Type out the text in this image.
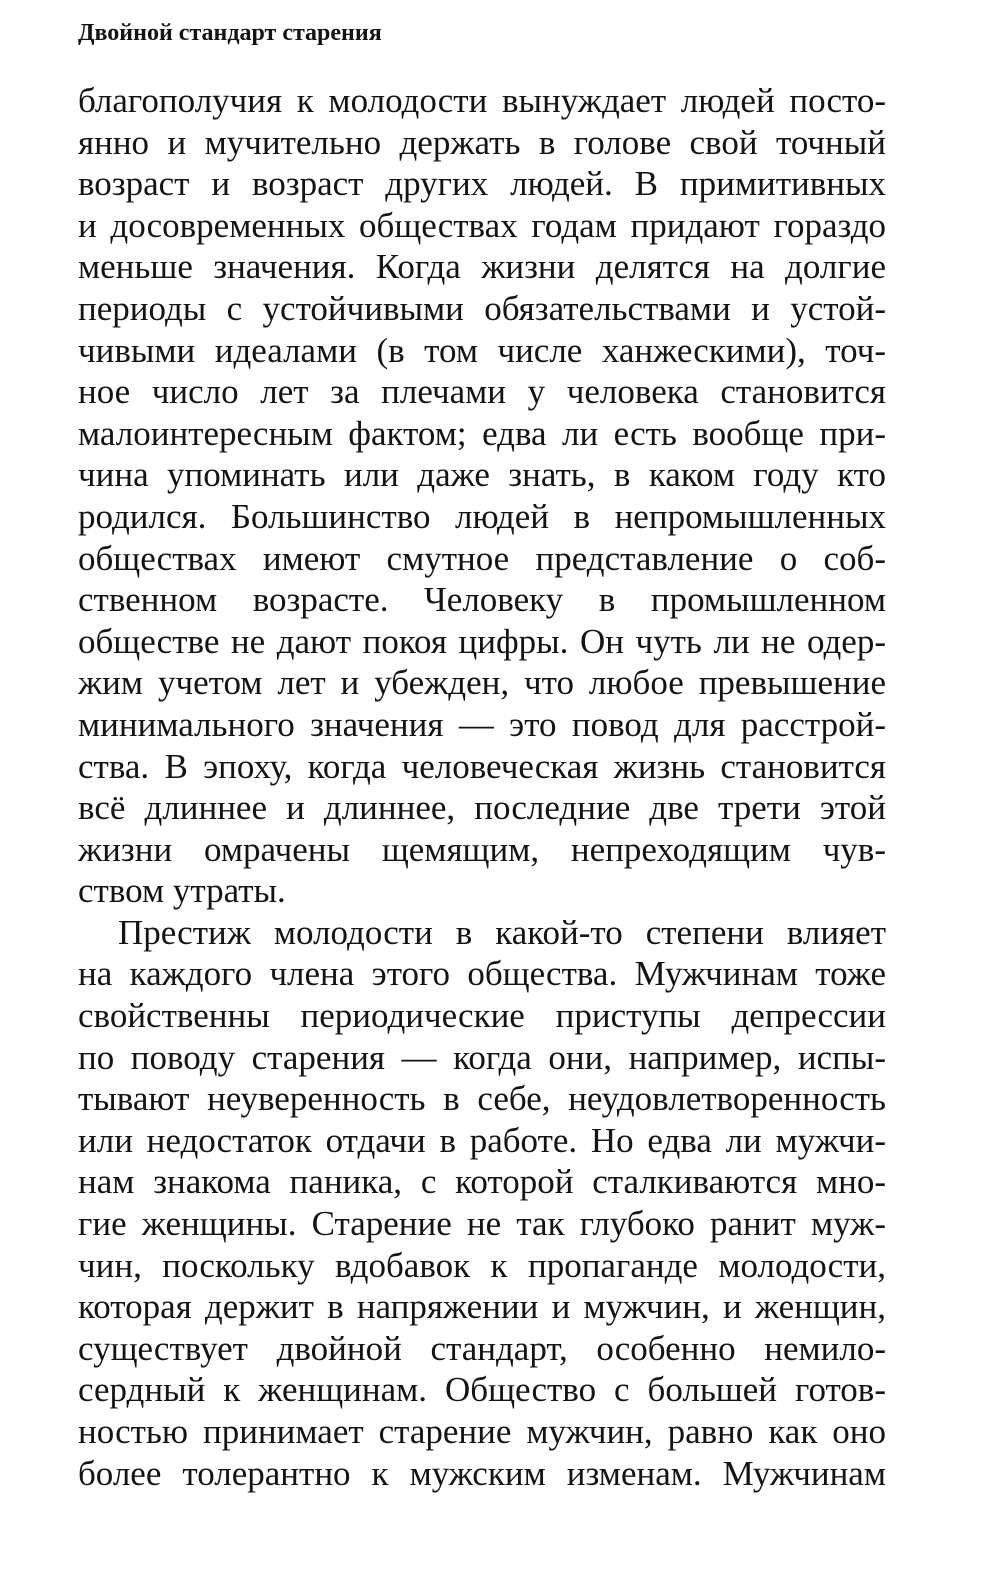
Двойной стандарт старения
благополучия к молодости вынуждает людей посто-
янно и мучительно держать в голове свой точный
возраст и возраст других людей. В примитивных
и досовременных обществах годам придают гораздо
меньше значения. Когда жизни делятся на долгие
периоды с устойчивыми обязательствами и устой-
чивыми идеалами (в том числе ханжескими), точ-
ное число лет за плечами у человека становится
малоинтересным фактом; едва ли есть вообще при-
чина упоминать или даже знать, в каком году кто
родился. Большинство людей в непромышленных
обществах имеют смутное представление о соб-
ственном возрасте. Человеку в промышленном
обществе не дают покоя цифры. Он чуть ли не одер-
жим учетом лет и убежден, что любое превышение
минимального значения — это повод для расстрой-
ства. В эпоху, когда человеческая жизнь становится
всё длиннее и длиннее, последние две трети этой
жизни омрачены щемящим, непреходящим чув-
ством утраты.
Престиж молодости в какой-то степени влияет
на каждого члена этого общества. Мужчинам тоже
свойственны периодические приступы депрессии
по поводу старения — когда они, например, испы-
тывают неуверенность в себе, неудовлетворенность
или недостаток отдачи в работе. Но едва ли мужчи-
нам знакома паника, с которой сталкиваются мно-
гие женщины. Старение не так глубоко ранит муж-
чин, поскольку вдобавок к пропаганде молодости,
которая держит в напряжении и мужчин, и женщин,
существует двойной стандарт, особенно немило-
сердный к женщинам. Общество с большей готов-
ностью принимает старение мужчин, равно как оно
более толерантно к мужским изменам. Мужчинам
